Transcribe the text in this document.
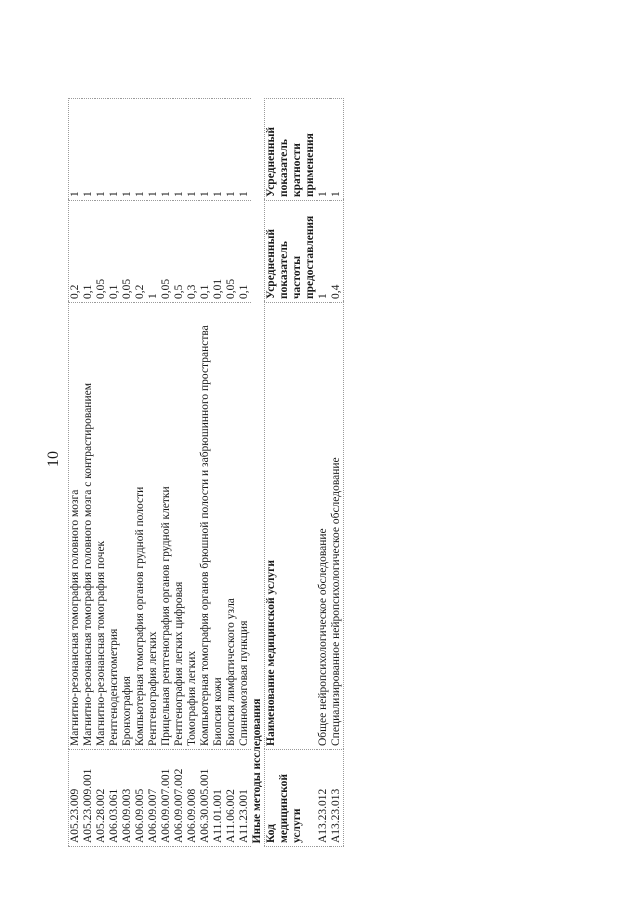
10
A05.23.009	Магнитно-резонансная томография головного мозга	0,2	1
A05.23.009.001	Магнитно-резонансная томография головного мозга с контрастированием	0,1	1
A05.28.002	Магнитно-резонансная томография почек	0,05	1
A06.03.061	Рентгеноденситометрия	0,1	1
A06.09.003	Бронхография	0,05	1
A06.09.005	Компьютерная томография органов грудной полости	0,2	1
A06.09.007	Рентгенография легких	1	1
A06.09.007.001	Прицельная рентгенография органов грудной клетки	0,05	1
A06.09.007.002	Рентгенография легких цифровая	0,5	1
A06.09.008	Томография легких	0,3	1
A06.30.005.001	Компьютерная томография органов брюшной полости и забрюшинного пространства	0,1	1
A11.01.001	Биопсия кожи	0,01	1
A11.06.002	Биопсия лимфатического узла	0,05	1
A11.23.001	Спинномозговая пункция	0,1	1
Иные методы исследования			
Код медицинской услуги	Наименование медицинской услуги	Усредненный показатель частоты предоставления	Усредненный показатель кратности применения
A13.23.012	Общее нейропсихологическое обследование	1	1
A13.23.013	Специализированное нейропсихологическое обследование	0,4	1
